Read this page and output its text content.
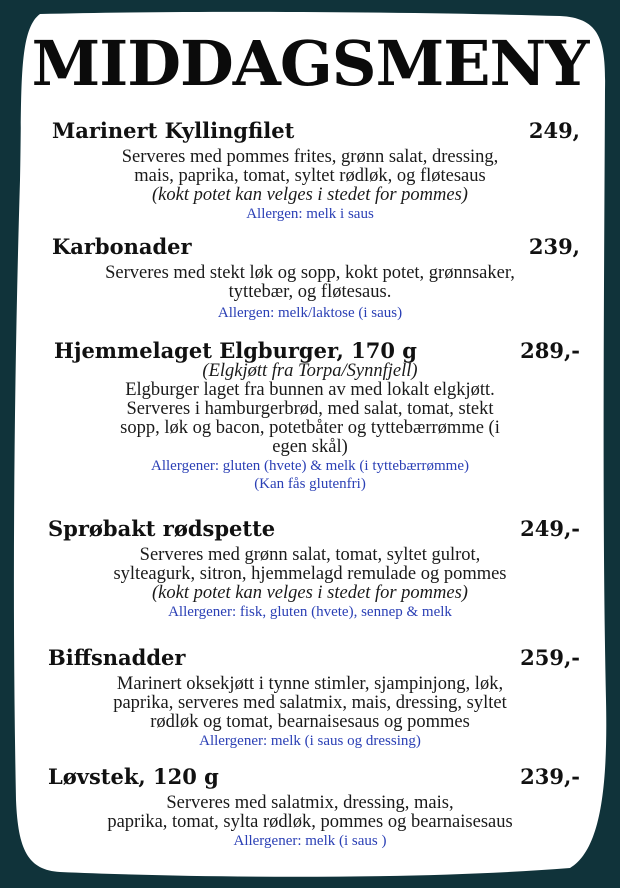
MIDDAGSMENY
Marinert Kyllingfilet	249,

Serveres med pommes frites, grønn salat, dressing,

mais, paprika, tomat, syltet rødløk, og fløtesaus

(kokt potet kan velges i stedet for pommes)

Allergen: melk i saus

Karbonader	239,

Serveres med stekt løk og sopp, kokt potet, grønnsaker,

tyttebær, og fløtesaus.

Allergen: melk/laktose (i saus)

Hjemmelaget Elgburger, 170 g	289,-

(Elgkjøtt fra Torpa/Synnfjell)

Elgburger laget fra bunnen av med lokalt elgkjøtt.

Serveres i hamburgerbrød, med salat, tomat, stekt

sopp, løk og bacon, potetbåter og tyttebærrømme (i

egen skål)

Allergener: gluten (hvete) & melk (i tyttebærrømme)

(Kan fås glutenfri)

Sprøbakt rødspette	249,-

Serveres med grønn salat, tomat, syltet gulrot,

sylteagurk, sitron, hjemmelagd remulade og pommes

(kokt potet kan velges i stedet for pommes)

Allergener: fisk, gluten (hvete), sennep & melk

Biffsnadder	259,-

Marinert oksekjøtt i tynne stimler, sjampinjong, løk,

paprika, serveres med salatmix, mais, dressing, syltet

rødløk og tomat, bearnaisesaus og pommes

Allergener: melk (i saus og dressing)

Løvstek, 120 g	239,-

Serveres med salatmix, dressing, mais,

paprika, tomat, sylta rødløk, pommes og bearnaisesaus

Allergener: melk (i saus )
